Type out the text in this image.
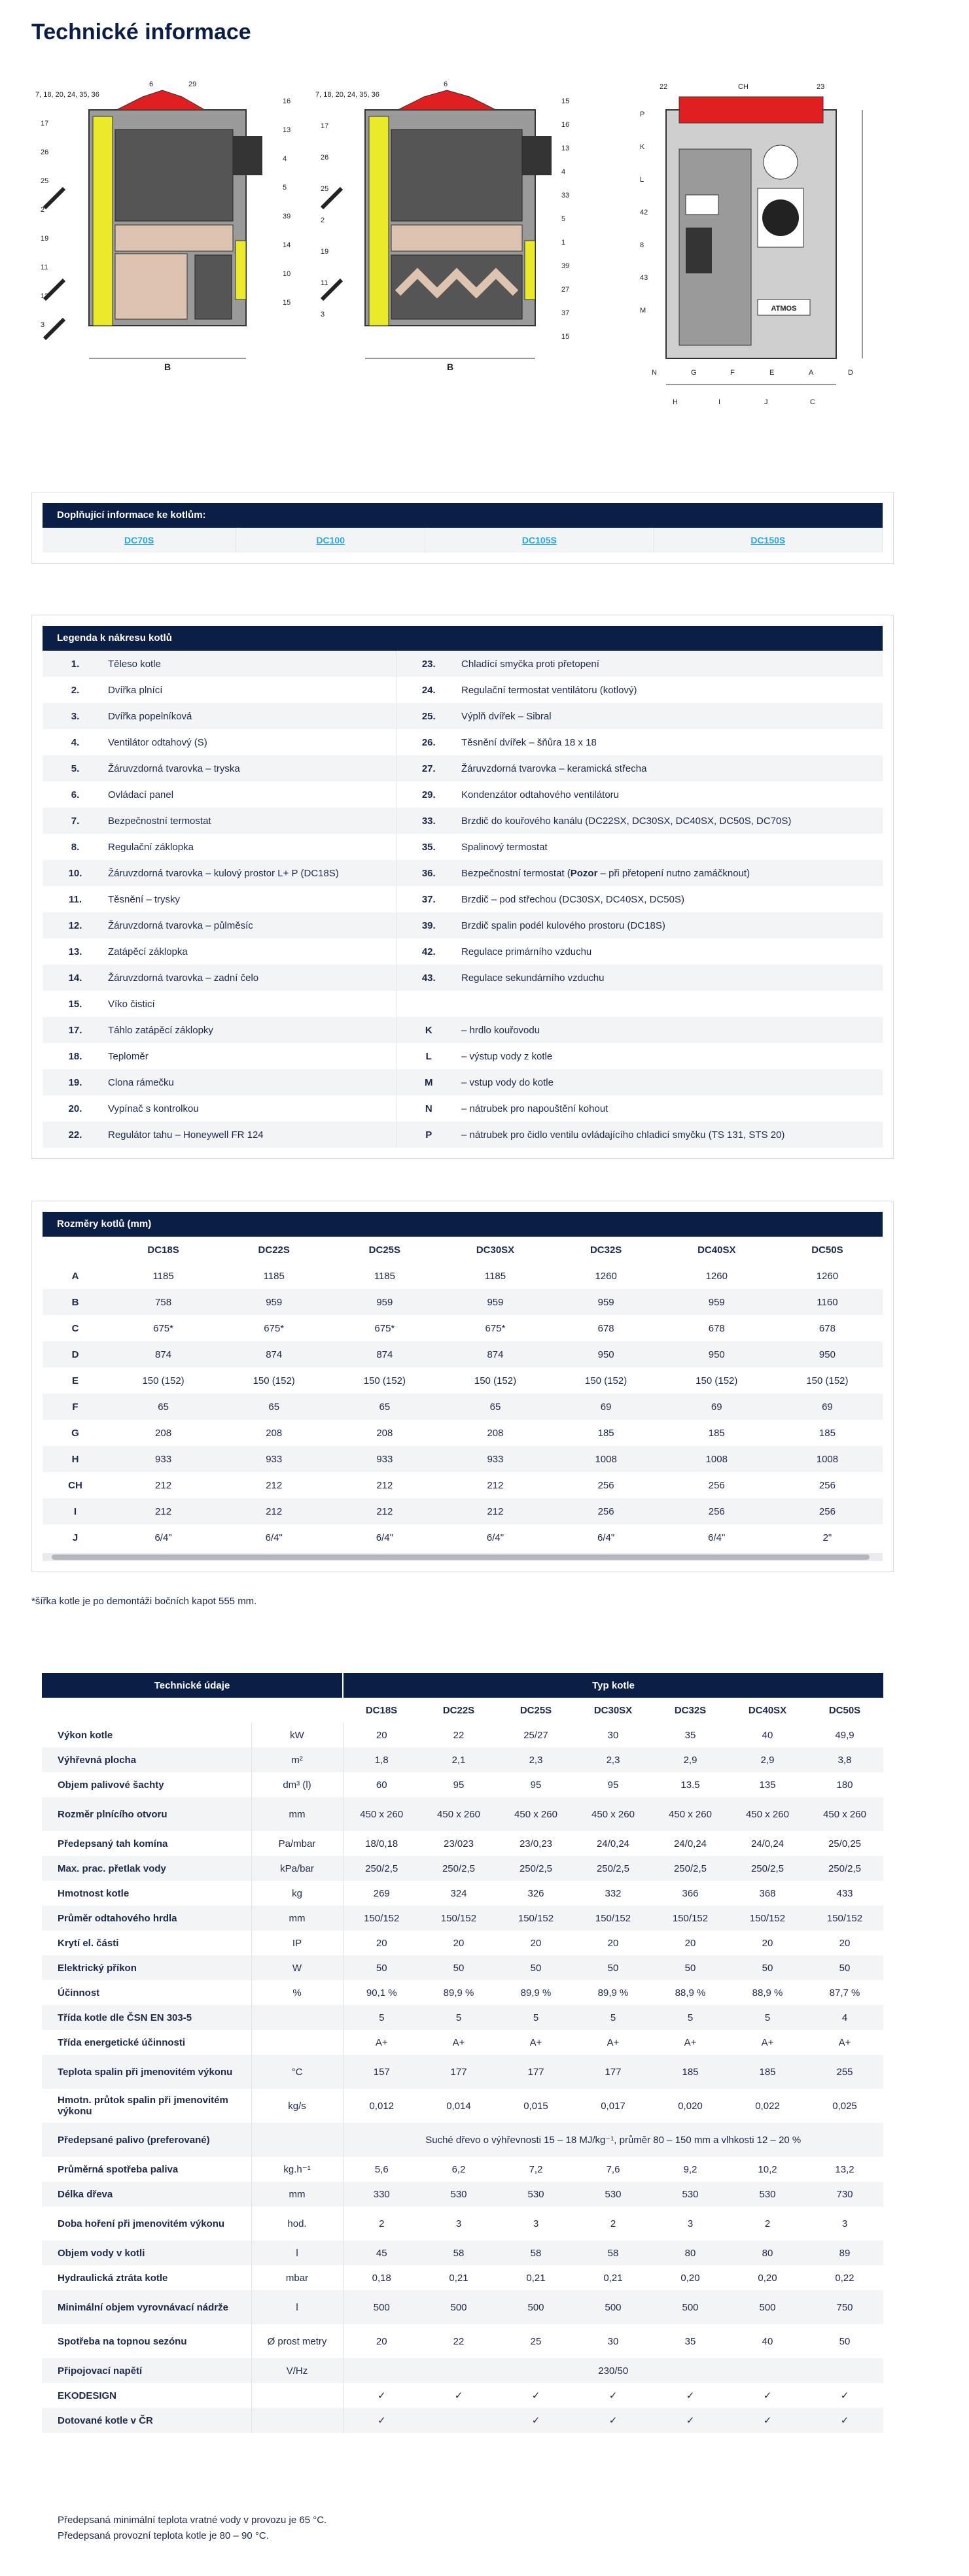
Technické informace
B
7, 18, 20, 24, 35, 36
17
26
25
2
19
11
12
3
6	29
16
13
4
5
39
14
10
15
B
7, 18, 20, 24, 35, 36
17
26
25
2
19
11
3
6
15
16
13
4
33
5
1
39
27
37
15
ATMOS
22	CH	23
P
K
L
42
8
43
M
N	G	F	E	A	D
H	I	J	C
Doplňující informace ke kotlům:
DC70S	DC100	DC105S	DC150S
Legenda k nákresu kotlů
1.	Těleso kotle	23.	Chladící smyčka proti přetopení
2.	Dvířka plnící	24.	Regulační termostat ventilátoru (kotlový)
3.	Dvířka popelníková	25.	Výplň dvířek – Sibral
4.	Ventilátor odtahový (S)	26.	Těsnění dvířek – šňůra 18 x 18
5.	Žáruvzdorná tvarovka – tryska	27.	Žáruvzdorná tvarovka – keramická střecha
6.	Ovládací panel	29.	Kondenzátor odtahového ventilátoru
7.	Bezpečnostní termostat	33.	Brzdič do kouřového kanálu (DC22SX, DC30SX, DC40SX, DC50S, DC70S)
8.	Regulační záklopka	35.	Spalinový termostat
10.	Žáruvzdorná tvarovka – kulový prostor L+ P (DC18S)	36.	Bezpečnostní termostat (Pozor – při přetopení nutno zamáčknout)
11.	Těsnění – trysky	37.	Brzdič – pod střechou (DC30SX, DC40SX, DC50S)
12.	Žáruvzdorná tvarovka – půlměsíc	39.	Brzdič spalin podél kulového prostoru (DC18S)
13.	Zatápěcí záklopka	42.	Regulace primárního vzduchu
14.	Žáruvzdorná tvarovka – zadní čelo	43.	Regulace sekundárního vzduchu
15.	Víko čisticí		
17.	Táhlo zatápěcí záklopky	K	– hrdlo kouřovodu
18.	Teploměr	L	– výstup vody z kotle
19.	Clona rámečku	M	– vstup vody do kotle
20.	Vypínač s kontrolkou	N	– nátrubek pro napouštění kohout
22.	Regulátor tahu – Honeywell FR 124	P	– nátrubek pro čidlo ventilu ovládajícího chladicí smyčku (TS 131, STS 20)
Rozměry kotlů (mm)
	DC18S	DC22S	DC25S	DC30SX	DC32S	DC40SX	DC50S
A	1185	1185	1185	1185	1260	1260	1260
B	758	959	959	959	959	959	1160
C	675*	675*	675*	675*	678	678	678
D	874	874	874	874	950	950	950
E	150 (152)	150 (152)	150 (152)	150 (152)	150 (152)	150 (152)	150 (152)
F	65	65	65	65	69	69	69
G	208	208	208	208	185	185	185
H	933	933	933	933	1008	1008	1008
CH	212	212	212	212	256	256	256
I	212	212	212	212	256	256	256
J	6/4"	6/4"	6/4"	6/4"	6/4"	6/4"	2"
*šířka kotle je po demontáži bočních kapot 555 mm.
Technické údaje		Typ kotle						
		DC18S	DC22S	DC25S	DC30SX	DC32S	DC40SX	DC50S
Výkon kotle	kW	20	22	25/27	30	35	40	49,9
Výhřevná plocha	m²	1,8	2,1	2,3	2,3	2,9	2,9	3,8
Objem palivové šachty	dm³ (l)	60	95	95	95	13.5	135	180
Rozměr plnícího otvoru	mm	450 x 260	450 x 260	450 x 260	450 x 260	450 x 260	450 x 260	450 x 260
Předepsaný tah komína	Pa/mbar	18/0,18	23/023	23/0,23	24/0,24	24/0,24	24/0,24	25/0,25
Max. prac. přetlak vody	kPa/bar	250/2,5	250/2,5	250/2,5	250/2,5	250/2,5	250/2,5	250/2,5
Hmotnost kotle	kg	269	324	326	332	366	368	433
Průměr odtahového hrdla	mm	150/152	150/152	150/152	150/152	150/152	150/152	150/152
Krytí el. části	IP	20	20	20	20	20	20	20
Elektrický příkon	W	50	50	50	50	50	50	50
Účinnost	%	90,1 %	89,9 %	89,9 %	89,9 %	88,9 %	88,9 %	87,7 %
Třída kotle dle ČSN EN 303-5		5	5	5	5	5	5	4
Třída energetické účinnosti		A+	A+	A+	A+	A+	A+	A+
Teplota spalin při jmenovitém výkonu	°C	157	177	177	177	185	185	255
Hmotn. průtok spalin při jmenovitém výkonu	kg/s	0,012	0,014	0,015	0,017	0,020	0,022	0,025
Předepsané palivo (preferované)		Suché dřevo o výhřevnosti 15 – 18 MJ/kg⁻¹, průměr 80 – 150 mm a vlhkosti 12 – 20 %						
Průměrná spotřeba paliva	kg.h⁻¹	5,6	6,2	7,2	7,6	9,2	10,2	13,2
Délka dřeva	mm	330	530	530	530	530	530	730
Doba hoření při jmenovitém výkonu	hod.	2	3	3	2	3	2	3
Objem vody v kotli	l	45	58	58	58	80	80	89
Hydraulická ztráta kotle	mbar	0,18	0,21	0,21	0,21	0,20	0,20	0,22
Minimální objem vyrovnávací nádrže	l	500	500	500	500	500	500	750
Spotřeba na topnou sezónu	Ø prost metry	20	22	25	30	35	40	50
Připojovací napětí	V/Hz	230/50						
EKODESIGN		✓	✓	✓	✓	✓	✓	✓
Dotované kotle v ČR		✓		✓	✓	✓	✓	✓
Předepsaná minimální teplota vratné vody v provozu je 65 °C.
Předepsaná provozní teplota kotle je 80 – 90 °C.
